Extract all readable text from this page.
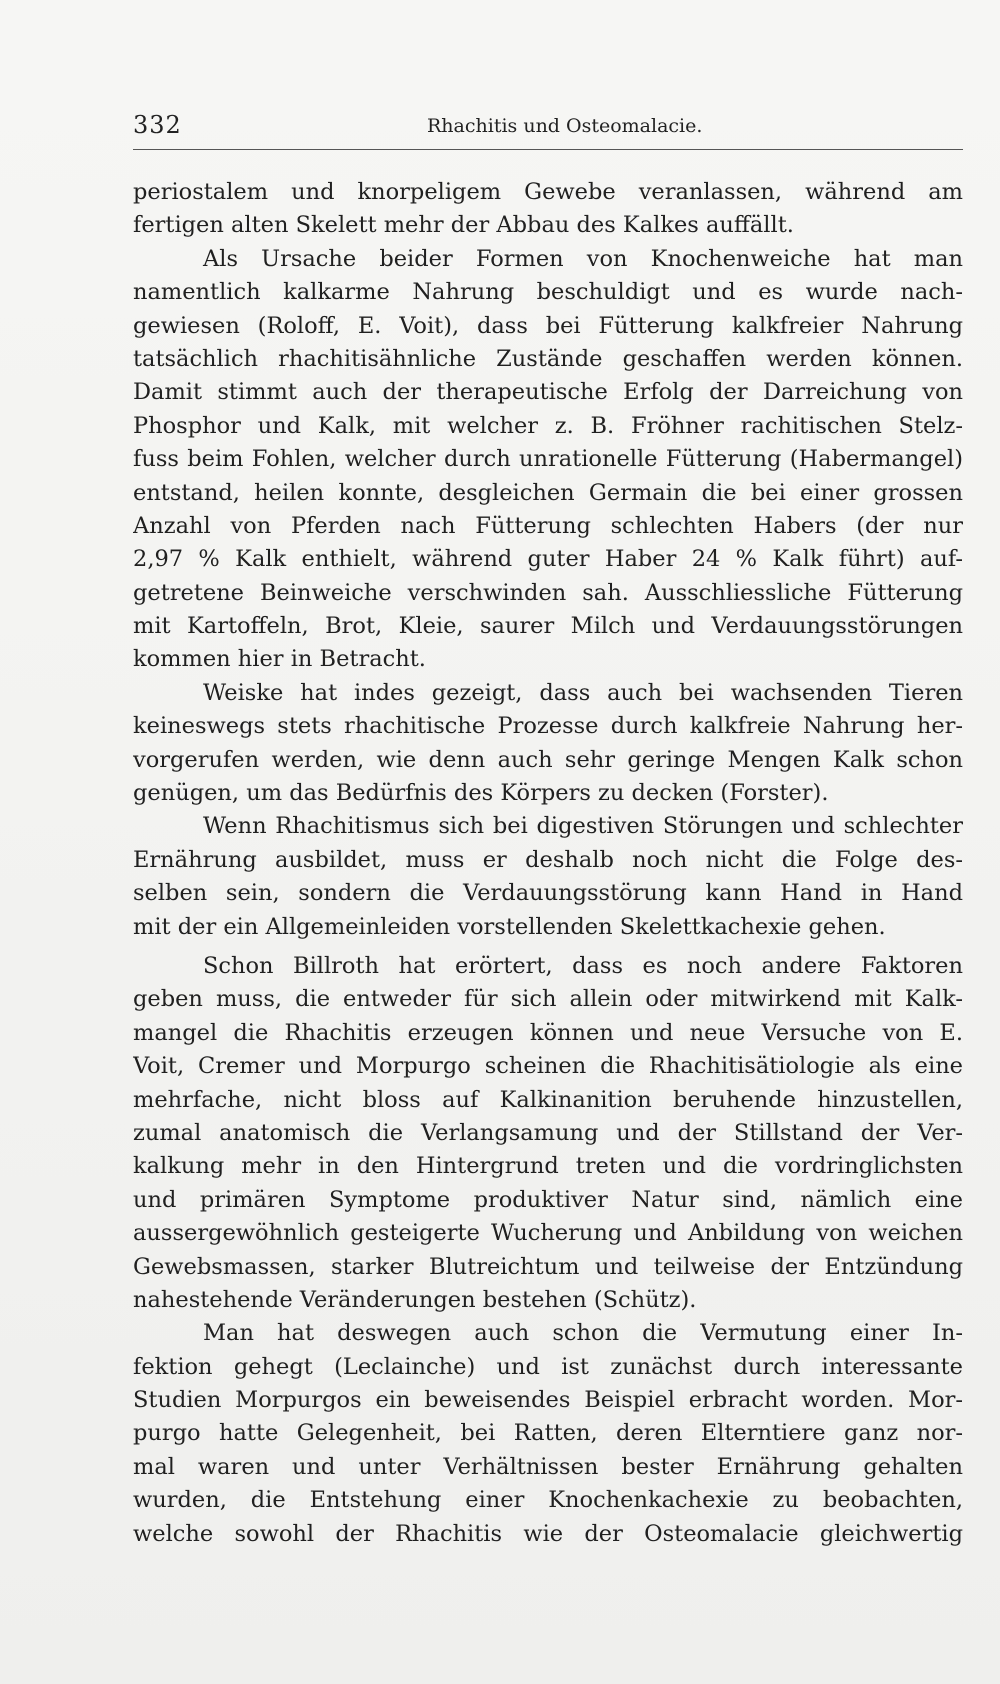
332	Rhachitis und Osteomalacie.
periostalem und knorpeligem Gewebe veranlassen, während am
fertigen alten Skelett mehr der Abbau des Kalkes auffällt.
Als Ursache beider Formen von Knochenweiche hat man
namentlich kalkarme Nahrung beschuldigt und es wurde nach-
gewiesen (Roloff, E. Voit), dass bei Fütterung kalkfreier Nahrung
tatsächlich rhachitisähnliche Zustände geschaffen werden können.
Damit stimmt auch der therapeutische Erfolg der Darreichung von
Phosphor und Kalk, mit welcher z. B. Fröhner rachitischen Stelz-
fuss beim Fohlen, welcher durch unrationelle Fütterung (Habermangel)
entstand, heilen konnte, desgleichen Germain die bei einer grossen
Anzahl von Pferden nach Fütterung schlechten Habers (der nur
2,97 % Kalk enthielt, während guter Haber 24 % Kalk führt) auf-
getretene Beinweiche verschwinden sah. Ausschliessliche Fütterung
mit Kartoffeln, Brot, Kleie, saurer Milch und Verdauungsstörungen
kommen hier in Betracht.
Weiske hat indes gezeigt, dass auch bei wachsenden Tieren
keineswegs stets rhachitische Prozesse durch kalkfreie Nahrung her-
vorgerufen werden, wie denn auch sehr geringe Mengen Kalk schon
genügen, um das Bedürfnis des Körpers zu decken (Forster).
Wenn Rhachitismus sich bei digestiven Störungen und schlechter
Ernährung ausbildet, muss er deshalb noch nicht die Folge des-
selben sein, sondern die Verdauungsstörung kann Hand in Hand
mit der ein Allgemeinleiden vorstellenden Skelettkachexie gehen.
Schon Billroth hat erörtert, dass es noch andere Faktoren
geben muss, die entweder für sich allein oder mitwirkend mit Kalk-
mangel die Rhachitis erzeugen können und neue Versuche von E.
Voit, Cremer und Morpurgo scheinen die Rhachitisätiologie als eine
mehrfache, nicht bloss auf Kalkinanition beruhende hinzustellen,
zumal anatomisch die Verlangsamung und der Stillstand der Ver-
kalkung mehr in den Hintergrund treten und die vordringlichsten
und primären Symptome produktiver Natur sind, nämlich eine
aussergewöhnlich gesteigerte Wucherung und Anbildung von weichen
Gewebsmassen, starker Blutreichtum und teilweise der Entzündung
nahestehende Veränderungen bestehen (Schütz).
Man hat deswegen auch schon die Vermutung einer In-
fektion gehegt (Leclainche) und ist zunächst durch interessante
Studien Morpurgos ein beweisendes Beispiel erbracht worden. Mor-
purgo hatte Gelegenheit, bei Ratten, deren Elterntiere ganz nor-
mal waren und unter Verhältnissen bester Ernährung gehalten
wurden, die Entstehung einer Knochenkachexie zu beobachten,
welche sowohl der Rhachitis wie der Osteomalacie gleichwertig
